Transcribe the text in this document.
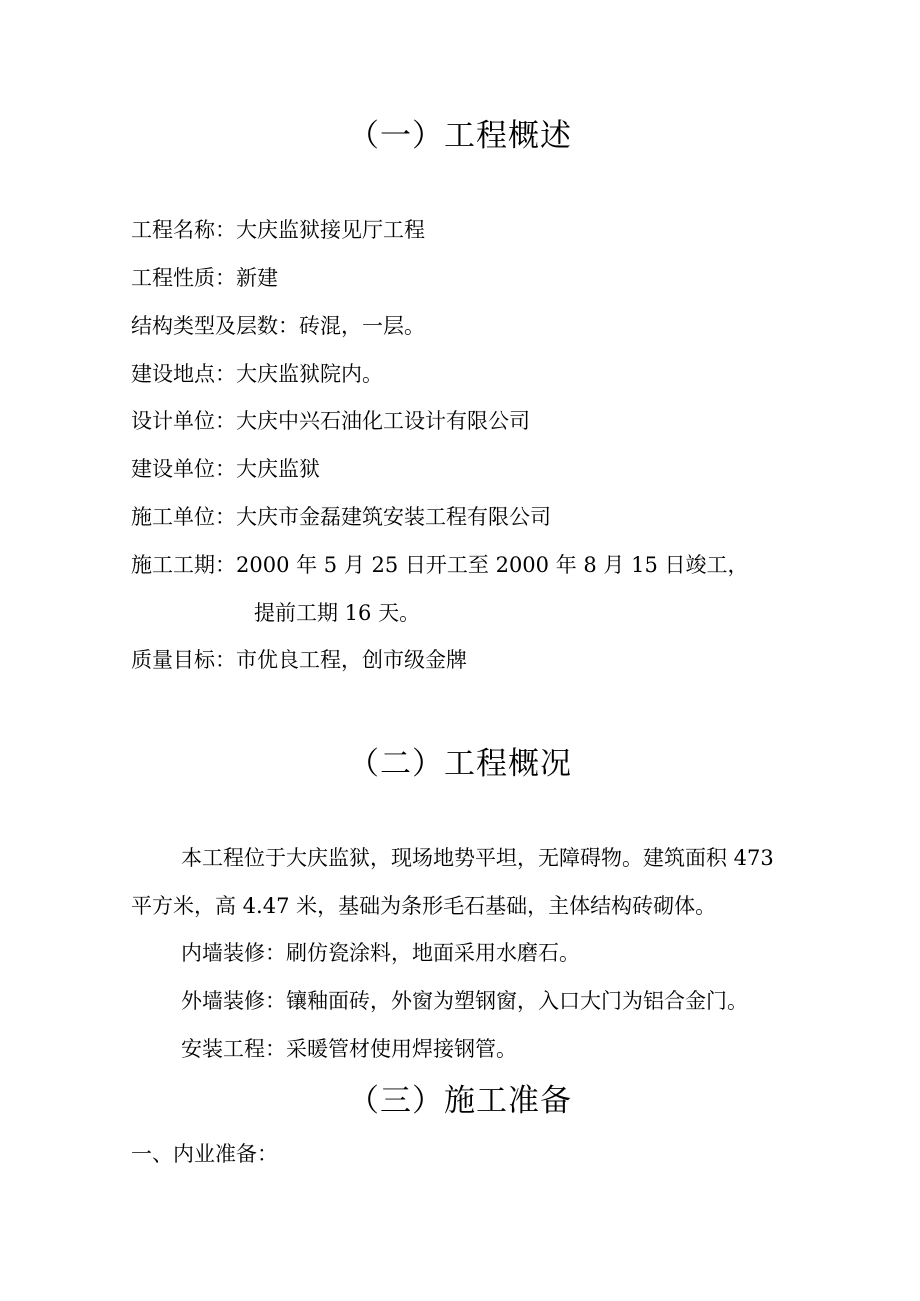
（一）工程概述
工程名称：大庆监狱接见厅工程
工程性质：新建
结构类型及层数：砖混，一层。
建设地点：大庆监狱院内。
设计单位：大庆中兴石油化工设计有限公司
建设单位：大庆监狱
施工单位：大庆市金磊建筑安装工程有限公司
施工工期：2000 年 5 月 25 日开工至 2000 年 8 月 15 日竣工，
提前工期 16 天。
质量目标：市优良工程，创市级金牌
（二）工程概况
本工程位于大庆监狱，现场地势平坦，无障碍物。建筑面积 473
平方米，高 4.47 米，基础为条形毛石基础，主体结构砖砌体。
内墙装修：刷仿瓷涂料，地面采用水磨石。
外墙装修：镶釉面砖，外窗为塑钢窗，入口大门为铝合金门。
安装工程：采暖管材使用焊接钢管。
（三）施工准备
一、内业准备：
